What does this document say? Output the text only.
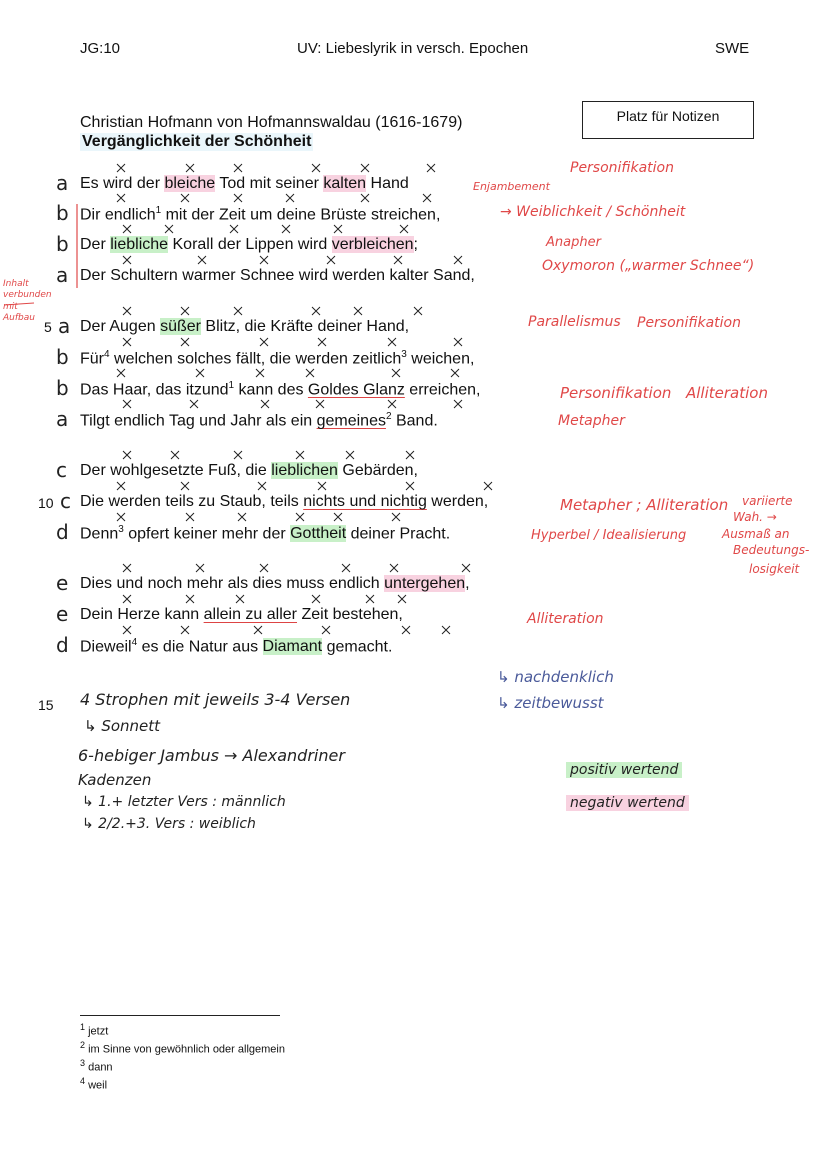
JG:10	UV: Liebeslyrik in versch. Epochen	SWE
Platz für Notizen
Christian Hofmann von Hofmannswaldau (1616-1679)
Vergänglichkeit der Schönheit
Es wird der bleiche Tod mit seiner kalten Hand
Dir endlich$^1$ mit der Zeit um deine Brüste streichen,
Der liebliche Korall der Lippen wird verbleichen;
Der Schultern warmer Schnee wird werden kalter Sand,
Der Augen süßer Blitz, die Kräfte deiner Hand,
Für$^4$ welchen solches fällt, die werden zeitlich$^3$ weichen,
Das Haar, das itzund$^1$ kann des Goldes Glanz erreichen,
Tilgt endlich Tag und Jahr als ein gemeines$^2$ Band.
Der wohlgesetzte Fuß, die lieblichen Gebärden,
Die werden teils zu Staub, teils nichts und nichtig werden,
Denn$^3$ opfert keiner mehr der Gottheit deiner Pracht.
Dies und noch mehr als dies muss endlich untergehen,
Dein Herze kann allein zu aller Zeit bestehen,
Dieweil$^4$ es die Natur aus Diamant gemacht.
5
10
15
a
b
b
a
a
b
b
a
c
c
d
e
e
d
Personifikation
Enjambement
→ Weiblichkeit / Schönheit
Anapher
Oxymoron („warmer Schnee“)
Inhalt
verbunden
mit
Aufbau	Parallelismus Personifikation
Personifikation Alliteration
Metapher
Metapher ; Alliteration
Hyperbel / Idealisierung
variierte
Wah. →
Ausmaß an
Bedeutungs-
losigkeit
Alliteration
↳ nachdenklich
↳ zeitbewusst
4 Strophen mit jeweils 3-4 Versen
↳ Sonnett
6-hebiger Jambus → Alexandriner
Kadenzen
↳ 1.+ letzter Vers : männlich
↳ 2/2.+3. Vers : weiblich
positiv wertend
negativ wertend
$^1$ jetzt
$^2$ im Sinne von gewöhnlich oder allgemein
$^3$ dann
$^4$ weil
